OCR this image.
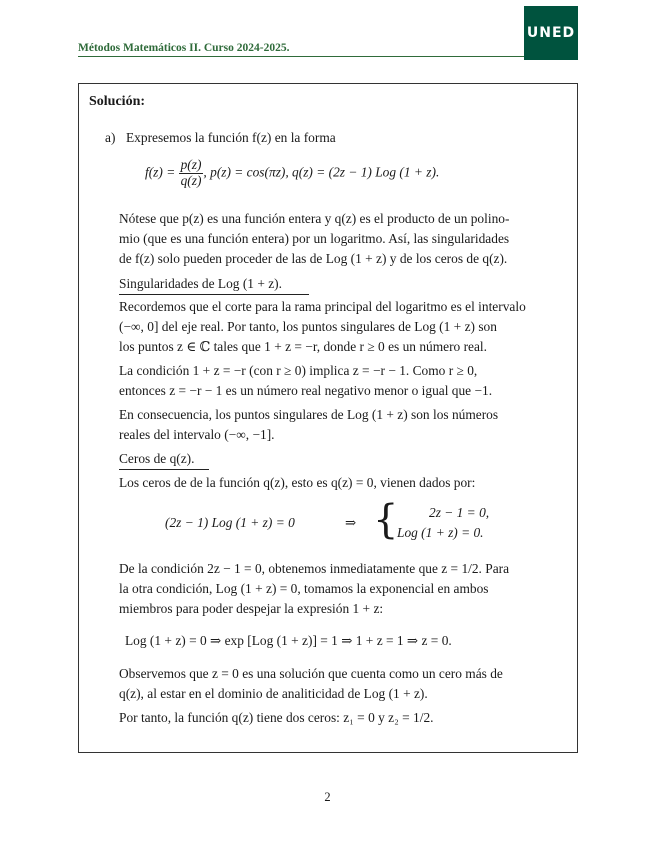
Métodos Matemáticos II. Curso 2024-2025.
UNED
Solución:
a) Expresemos la función f(z) en la forma
$f(z) = \frac{p(z)}{q(z)}$ , p(z) = cos(πz), q(z) = (2z − 1) Log (1 + z).
Nótese que p(z) es una función entera y q(z) es el producto de un polino-
mio (que es una función entera) por un logaritmo. Así, las singularidades
de f(z) solo pueden proceder de las de Log (1 + z) y de los ceros de q(z).
Singularidades de Log (1 + z).
Recordemos que el corte para la rama principal del logaritmo es el intervalo
(−∞, 0] del eje real. Por tanto, los puntos singulares de Log (1 + z) son
los puntos z ∈ ℂ tales que 1 + z = −r, donde r ≥ 0 es un número real.
La condición 1 + z = −r (con r ≥ 0) implica z = −r − 1. Como r ≥ 0,
entonces z = −r − 1 es un número real negativo menor o igual que −1.
En consecuencia, los puntos singulares de Log (1 + z) son los números
reales del intervalo (−∞, −1].
Ceros de q(z).
Los ceros de de la función q(z), esto es q(z) = 0, vienen dados por:
(2z − 1) Log (1 + z) = 0	⇒ { 2z − 1 = 0,
Log (1 + z) = 0.
De la condición 2z − 1 = 0, obtenemos inmediatamente que z = 1/2. Para
la otra condición, Log (1 + z) = 0, tomamos la exponencial en ambos
miembros para poder despejar la expresión 1 + z:
Log (1 + z) = 0 ⇒ exp [Log (1 + z)] = 1 ⇒ 1 + z = 1 ⇒ z = 0.
Observemos que z = 0 es una solución que cuenta como un cero más de
q(z), al estar en el dominio de analiticidad de Log (1 + z).
Por tanto, la función q(z) tiene dos ceros: z₁ = 0 y z₂ = 1/2.
2
